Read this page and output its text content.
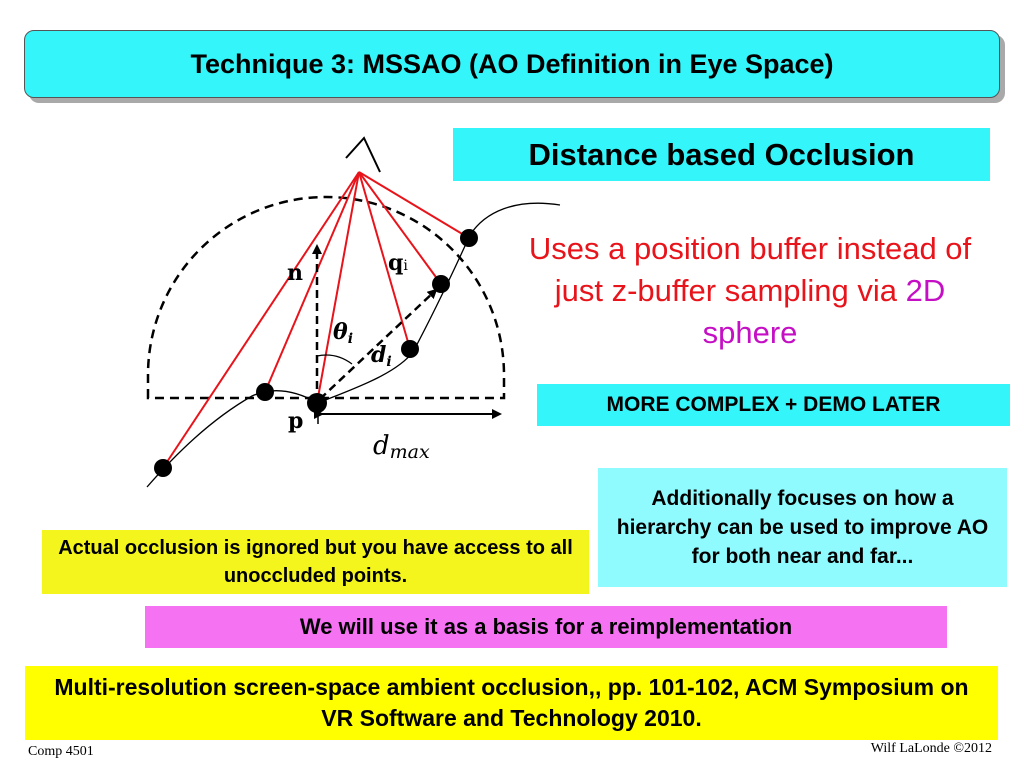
Technique 3: MSSAO (AO Definition in Eye Space)
Distance based Occlusion
Uses a position buffer instead of just z-buffer sampling via 2D sphere
MORE COMPLEX + DEMO LATER
Additionally focuses on how a hierarchy can be used to improve AO for both near and far...
Actual occlusion is ignored but you have access to all unoccluded points.
We will use it as a basis for a reimplementation
Multi-resolution screen-space ambient occlusion,, pp. 101-102, ACM Symposium on VR Software and Technology 2010.
Comp 4501	Wilf LaLonde ©2012
n	qi
θi
di
p
dmax
